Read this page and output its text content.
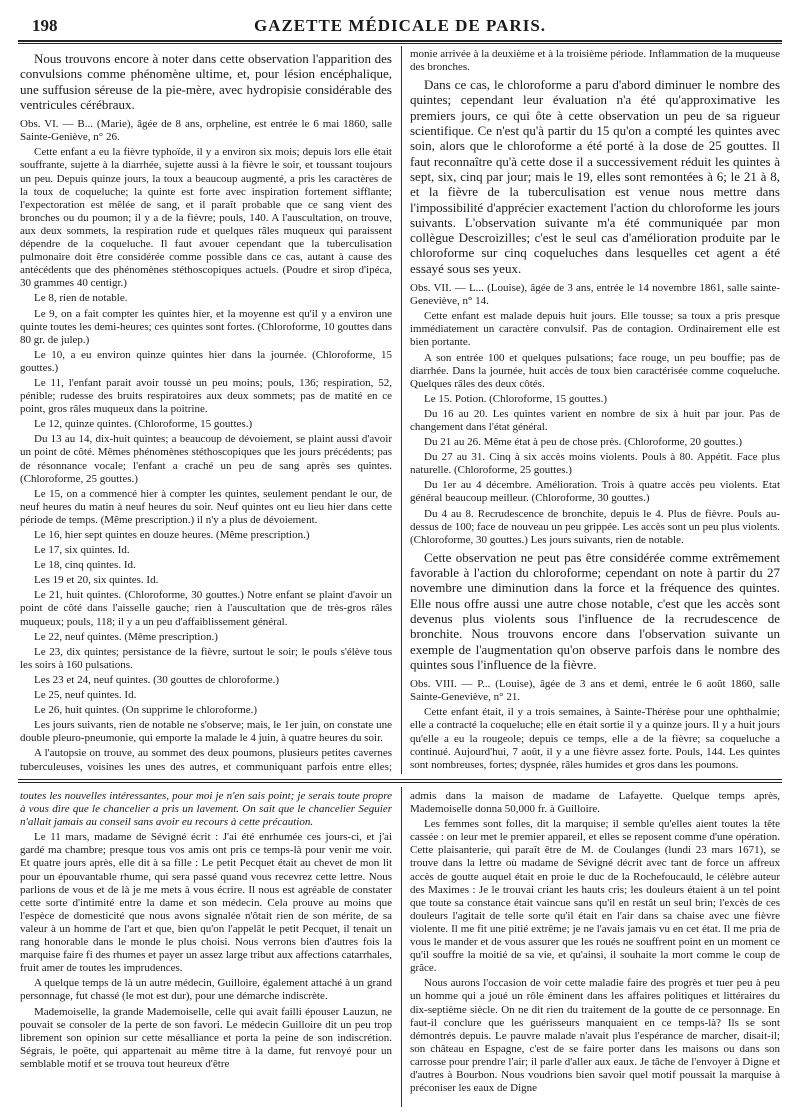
198	GAZETTE MÉDICALE DE PARIS.

Nous trouvons encore à noter dans cette observation l'apparition des convulsions comme phénomène ultime, et, pour lésion encéphalique, une suffusion séreuse de la pie-mère, avec hydropisie considérable des ventricules cérébraux.

Obs. VI. — B... (Marie), âgée de 8 ans, orpheline, est entrée le 6 mai 1860, salle Sainte-Geniève, n° 26.

Cette enfant a eu la fièvre typhoïde, il y a environ six mois; depuis lors elle était souffrante, sujette à la diarrhée, sujette aussi à la fièvre le soir, et toussant toujours un peu. Depuis quinze jours, la toux a beaucoup augmenté, a pris les caractères de la toux de coqueluche; la quinte est forte avec inspiration fortement sifflante; l'expectoration est mêlée de sang, et il paraît probable que ce sang vient des bronches ou du poumon; il y a de la fièvre; pouls, 140. A l'auscultation, on trouve, aux deux sommets, la respiration rude et quelques râles muqueux qui paraissent dépendre de la coqueluche. Il faut avouer cependant que la tuberculisation pulmonaire doit être considérée comme possible dans ce cas, autant à cause des antécédents que des phénomènes stéthoscopiques actuels. (Poudre et sirop d'ipéca, 30 grammes 40 centigr.)

Le 8, rien de notable.

Le 9, on a fait compter les quintes hier, et la moyenne est qu'il y a environ une quinte toutes les demi-heures; ces quintes sont fortes. (Chloroforme, 10 gouttes dans 80 gr. de julep.)

Le 10, a eu environ quinze quintes hier dans la journée. (Chloroforme, 15 gouttes.)

Le 11, l'enfant parait avoir toussé un peu moins; pouls, 136; respiration, 52, pénible; rudesse des bruits respiratoires aux deux sommets; pas de matité en ce point, gros râles muqueux dans la poitrine.

Le 12, quinze quintes. (Chloroforme, 15 gouttes.)

Du 13 au 14, dix-huit quintes; a beaucoup de dévoiement, se plaint aussi d'avoir un point de côté. Mêmes phénomènes stéthoscopiques que les jours précédents; pas de résonnance vocale; l'enfant a craché un peu de sang après ses quintes. (Chloroforme, 25 gouttes.)

Le 15, on a commencé hier à compter les quintes, seulement pendant le our, de neuf heures du matin à neuf heures du soir. Neuf quintes ont eu lieu hier dans cette période de temps. (Même prescription.) il n'y a plus de dévoiement.

Le 16, hier sept quintes en douze heures. (Même prescription.)

Le 17, six quintes. Id.

Le 18, cinq quintes. Id.

Les 19 et 20, six quintes. Id.

Le 21, huit quintes. (Chloroforme, 30 gouttes.) Notre enfant se plaint d'avoir un point de côté dans l'aisselle gauche; rien à l'auscultation que de très-gros râles muqueux; pouls, 118; il y a un peu d'affaiblissement général.

Le 22, neuf quintes. (Même prescription.)

Le 23, dix quintes; persistance de la fièvre, surtout le soir; le pouls s'élève tous les soirs à 160 pulsations.

Les 23 et 24, neuf quintes. (30 gouttes de chloroforme.)

Le 25, neuf quintes. Id.

Le 26, huit quintes. (On supprime le chloroforme.)

Les jours suivants, rien de notable ne s'observe; mais, le 1er juin, on constate une double pleuro-pneumonie, qui emporte la malade le 4 juin, à quatre heures du soir.

A l'autopsie on trouve, au sommet des deux poumons, plusieurs petites cavernes tuberculeuses, voisines les unes des autres, et communiquant parfois entre elles;

monie arrivée à la deuxième et à la troisième période. Inflammation de la muqueuse des bronches.

Dans ce cas, le chloroforme a paru d'abord diminuer le nombre des quintes; cependant leur évaluation n'a été qu'approximative les premiers jours, ce qui ôte à cette observation un peu de sa rigueur scientifique. Ce n'est qu'à partir du 15 qu'on a compté les quintes avec soin, alors que le chloroforme a été porté à la dose de 25 gouttes. Il faut reconnaître qu'à cette dose il a successivement réduit les quintes à sept, six, cinq par jour; mais le 19, elles sont remontées à 6; le 21 à 8, et la fièvre de la tuberculisation est venue nous mettre dans l'impossibilité d'apprécier exactement l'action du chloroforme les jours suivants. L'observation suivante m'a été communiquée par mon collègue Descroizilles; c'est le seul cas d'amélioration produite par le chloroforme sur cinq coqueluches dans lesquelles cet agent a été essayé sous ses yeux.

Obs. VII. — L... (Louise), âgée de 3 ans, entrée le 14 novembre 1861, salle sainte-Geneviève, n° 14.

Cette enfant est malade depuis huit jours. Elle tousse; sa toux a pris presque immédiatement un caractère convulsif. Pas de contagion. Ordinairement elle est bien portante.

A son entrée 100 et quelques pulsations; face rouge, un peu bouffie; pas de diarrhée. Dans la journée, huit accès de toux bien caractérisée comme coqueluche. Quelques râles des deux côtés.

Le 15. Potion. (Chloroforme, 15 gouttes.)

Du 16 au 20. Les quintes varient en nombre de six à huit par jour. Pas de changement dans l'état général.

Du 21 au 26. Même état à peu de chose près. (Chloroforme, 20 gouttes.)

Du 27 au 31. Cinq à six accès moins violents. Pouls à 80. Appétit. Face plus naturelle. (Chloroforme, 25 gouttes.)

Du 1er au 4 décembre. Amélioration. Trois à quatre accès peu violents. Etat général beaucoup meilleur. (Chloroforme, 30 gouttes.)

Du 4 au 8. Recrudescence de bronchite, depuis le 4. Plus de fièvre. Pouls au-dessus de 100; face de nouveau un peu grippée. Les accès sont un peu plus violents. (Chloroforme, 30 gouttes.) Les jours suivants, rien de notable.

Cette observation ne peut pas être considérée comme extrêmement favorable à l'action du chloroforme; cependant on note à partir du 27 novembre une diminution dans la force et la fréquence des quintes. Elle nous offre aussi une autre chose notable, c'est que les accès sont devenus plus violents sous l'influence de la recrudescence de bronchite. Nous trouvons encore dans l'observation suivante un exemple de l'augmentation qu'on observe parfois dans le nombre des quintes sous l'influence de la fièvre.

Obs. VIII. — P... (Louise), âgée de 3 ans et demi, entrée le 6 août 1860, salle Sainte-Geneviève, n° 21.

Cette enfant était, il y a trois semaines, à Sainte-Thérèse pour une ophthalmie; elle a contracté la coqueluche; elle en était sortie il y a quinze jours. Il y a huit jours qu'elle a eu la rougeole; depuis ce temps, elle a de la fièvre; sa coqueluche a continué. Aujourd'hui, 7 août, il y a une fièvre assez forte. Pouls, 144. Les quintes sont nombreuses, fortes; dyspnée, râles humides et gros dans les poumons.

toutes les nouvelles intéressantes, pour moi je n'en sais point; je serais toute propre à vous dire que le chancelier a pris un lavement. On sait que le chancelier Seguier n'allait jamais au conseil sans avoir eu recours à cette précaution.

Le 11 mars, madame de Sévigné écrit : J'ai été enrhumée ces jours-ci, et j'ai gardé ma chambre; presque tous vos amis ont pris ce temps-là pour venir me voir. Et quatre jours après, elle dit à sa fille : Le petit Pecquet était au chevet de mon lit pour un épouvantable rhume, qui sera passé quand vous recevrez cette lettre. Nous parlions de vous et de là je me mets à vous écrire. Il nous est agréable de constater cette sorte d'intimité entre la dame et son médecin. Cela prouve au moins que l'espèce de domesticité que nous avons signalée n'ôtait rien de son mérite, de sa valeur à un homme de l'art et que, bien qu'on l'appelât le petit Pecquet, il tenait un rang honorable dans le monde le plus choisi. Nous verrons bien d'autres fois la marquise faire fi des rhumes et payer un assez large tribut aux affections catarrhales, fruit amer de toutes les imprudences.

A quelque temps de là un autre médecin, Guilloire, également attaché à un grand personnage, fut chassé (le mot est dur), pour une démarche indiscrète.

Mademoiselle, la grande Mademoiselle, celle qui avait failli épouser Lauzun, ne pouvait se consoler de la perte de son favori. Le médecin Guilloire dit un peu trop librement son opinion sur cette mésalliance et porta la peine de son indiscrétion. Ségrais, le poëte, qui appartenait au même titre à la dame, fut renvoyé pour un semblable motif et se trouva tout heureux d'être

admis dans la maison de madame de Lafayette. Quelque temps après, Mademoiselle donna 50,000 fr. à Guilloire.

Les femmes sont folles, dit la marquise; il semble qu'elles aient toutes la tête cassée : on leur met le premier appareil, et elles se reposent comme d'une opération. Cette plaisanterie, qui paraît être de M. de Coulanges (lundi 23 mars 1671), se trouve dans la lettre où madame de Sévigné décrit avec tant de force un affreux accès de goutte auquel était en proie le duc de la Rochefoucauld, le célèbre auteur des Maximes : Je le trouvai criant les hauts cris; les douleurs étaient à un tel point que toute sa constance était vaincue sans qu'il en restât un seul brin; l'excès de ces douleurs l'agitait de telle sorte qu'il était en l'air dans sa chaise avec une fièvre violente. Il me fit une pitié extrême; je ne l'avais jamais vu en cet état. Il me pria de vous le mander et de vous assurer que les roués ne souffrent point en un moment ce qu'il souffre la moitié de sa vie, et qu'ainsi, il souhaite la mort comme le coup de grâce.

Nous aurons l'occasion de voir cette maladie faire des progrès et tuer peu à peu un homme qui a joué un rôle éminent dans les affaires politiques et littéraires du dix-septième siècle. On ne dit rien du traitement de la goutte de ce personnage. En faut-il conclure que les guérisseurs manquaient en ce temps-là? Ils se sont démontrés depuis. Le pauvre malade n'avait plus l'espérance de marcher, disait-il; son château en Espagne, c'est de se faire porter dans les maisons ou dans son carrosse pour prendre l'air; il parle d'aller aux eaux. Je tâche de l'envoyer à Digne et d'autres à Bourbon. Nous voudrions bien savoir quel motif poussait la marquise à préconiser les eaux de Digne
